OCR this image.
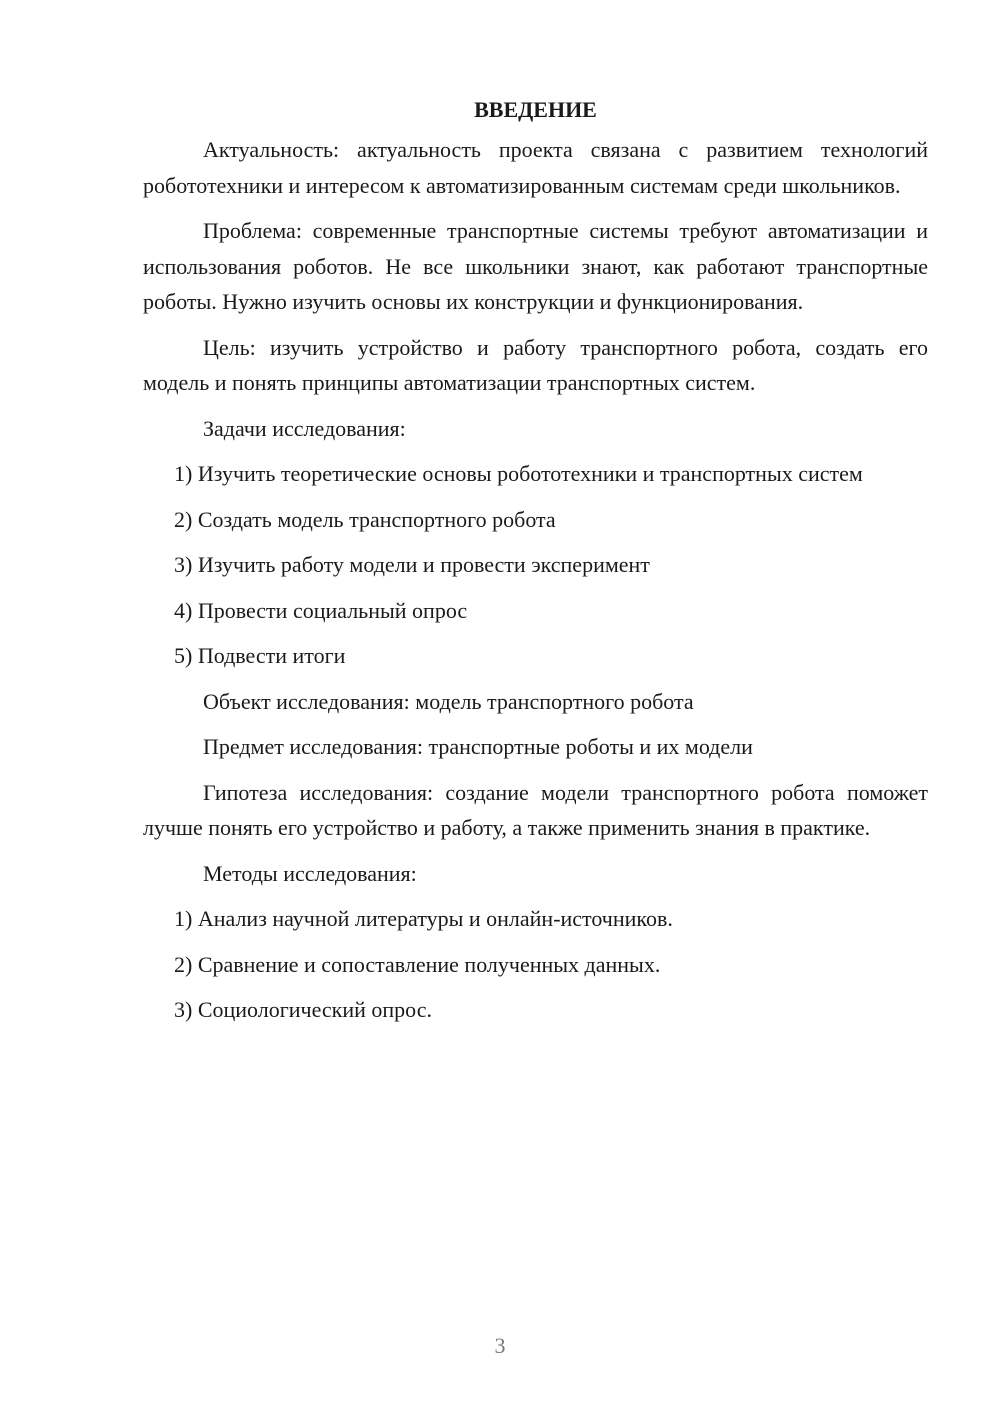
ВВЕДЕНИЕ

Актуальность: актуальность проекта связана с развитием технологий робототехники и интересом к автоматизированным системам среди школьников.

Проблема: современные транспортные системы требуют автоматизации и использования роботов. Не все школьники знают, как работают транспортные роботы. Нужно изучить основы их конструкции и функционирования.

Цель: изучить устройство и работу транспортного робота, создать его модель и понять принципы автоматизации транспортных систем.

Задачи исследования:

1) Изучить теоретические основы робототехники и транспортных систем

2) Создать модель транспортного робота

3) Изучить работу модели и провести эксперимент

4) Провести социальный опрос

5) Подвести итоги

Объект исследования: модель транспортного робота

Предмет исследования: транспортные роботы и их модели

Гипотеза исследования: создание модели транспортного робота поможет лучше понять его устройство и работу, а также применить знания в практике.

Методы исследования:

1) Анализ научной литературы и онлайн-источников.

2) Сравнение и сопоставление полученных данных.

3) Социологический опрос.

3
